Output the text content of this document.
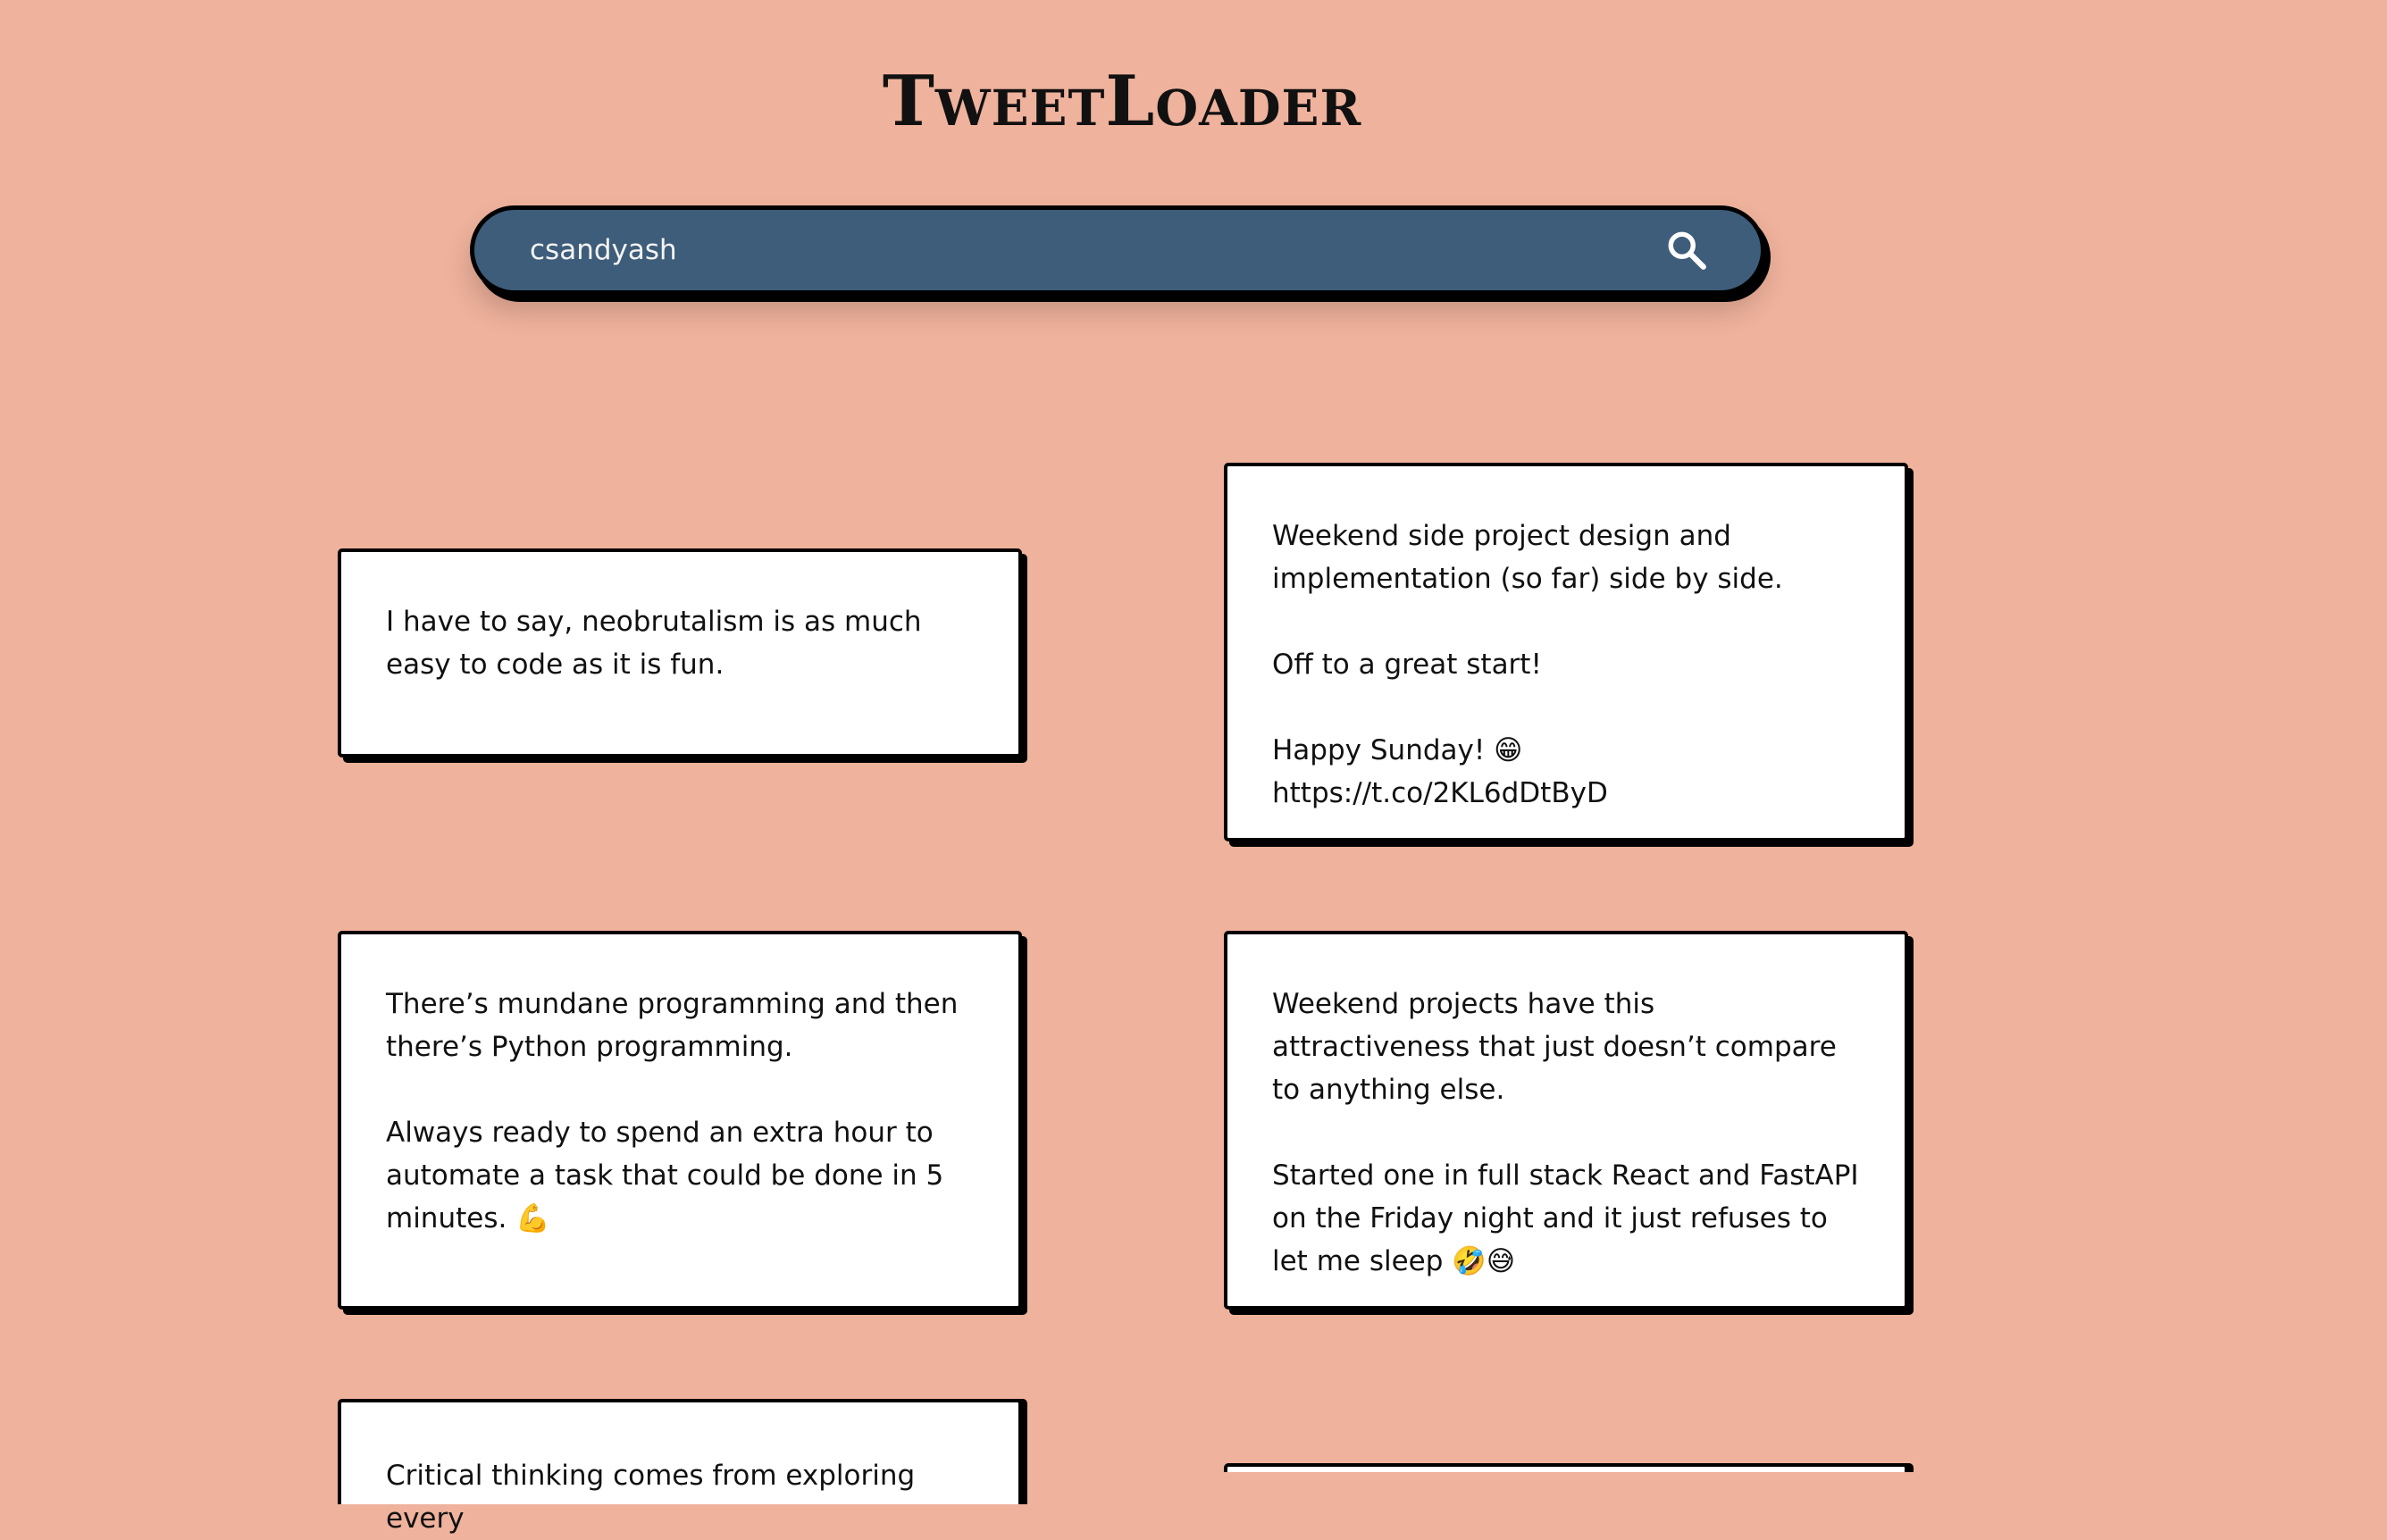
TweetLoader
csandyash

I have to say, neobrutalism is as much easy to code as it is fun.

Weekend side project design and implementation (so far) side by side.

Off to a great start!

Happy Sunday! 😁 https://t.co/2KL6dDtByD

There’s mundane programming and then there’s Python programming.

Always ready to spend an extra hour to automate a task that could be done in 5 minutes. 💪

Weekend projects have this attractiveness that just doesn’t compare to anything else.

Started one in full stack React and FastAPI on the Friday night and it just refuses to let me sleep 🤣😅

Critical thinking comes from exploring every
